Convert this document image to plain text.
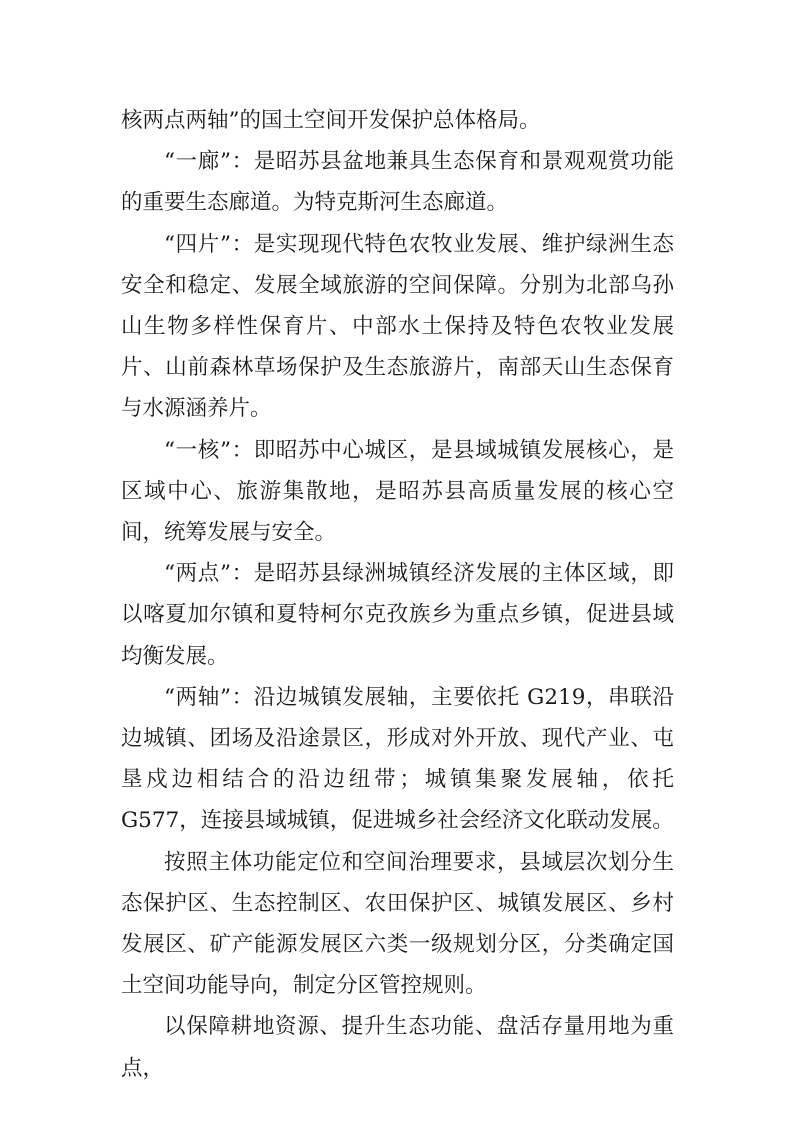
核两点两轴”的国土空间开发保护总体格局。

“一廊”：是昭苏县盆地兼具生态保育和景观观赏功能的重要生态廊道。为特克斯河生态廊道。

“四片”：是实现现代特色农牧业发展、维护绿洲生态安全和稳定、发展全域旅游的空间保障。分别为北部乌孙山生物多样性保育片、中部水土保持及特色农牧业发展片、山前森林草场保护及生态旅游片，南部天山生态保育与水源涵养片。

“一核”：即昭苏中心城区，是县域城镇发展核心，是区域中心、旅游集散地，是昭苏县高质量发展的核心空间，统筹发展与安全。

“两点”：是昭苏县绿洲城镇经济发展的主体区域，即以喀夏加尔镇和夏特柯尔克孜族乡为重点乡镇，促进县域均衡发展。

“两轴”：沿边城镇发展轴，主要依托 G219，串联沿边城镇、团场及沿途景区，形成对外开放、现代产业、屯垦戍边相结合的沿边纽带；城镇集聚发展轴，依托 G577，连接县域城镇，促进城乡社会经济文化联动发展。

按照主体功能定位和空间治理要求，县域层次划分生态保护区、生态控制区、农田保护区、城镇发展区、乡村发展区、矿产能源发展区六类一级规划分区，分类确定国土空间功能导向，制定分区管控规则。

以保障耕地资源、提升生态功能、盘活存量用地为重点，
